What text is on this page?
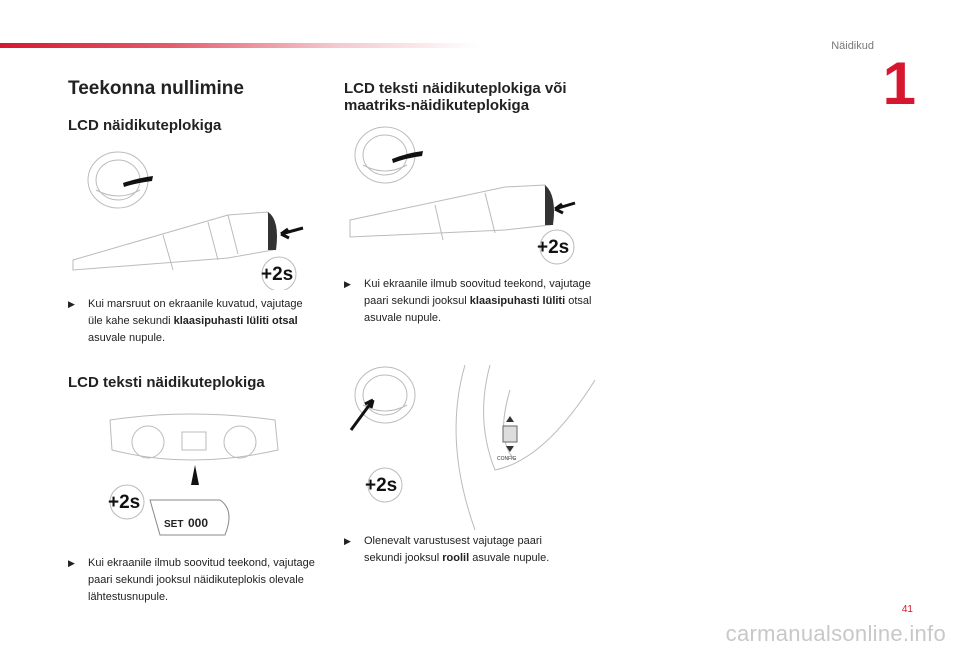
Näidikud
1
Teekonna nullimine
LCD näidikuteplokiga
+2s
▶	Kui marsruut on ekraanile kuvatud, vajutage üle kahe sekundi klaasipuhasti lüliti otsal asuvale nupule.
LCD teksti näidikuteplokiga
SET 000
+2s
▶	Kui ekraanile ilmub soovitud teekond, vajutage paari sekundi jooksul näidikuteplokis olevale lähtestusnupule.
LCD teksti näidikuteplokiga või
maatriks-näidikuteplokiga
+2s
▶	Kui ekraanile ilmub soovitud teekond, vajutage paari sekundi jooksul klaasipuhasti lüliti otsal asuvale nupule.
CONFIG
+2s
▶	Olenevalt varustusest vajutage paari sekundi jooksul roolil asuvale nupule.
41
carmanualsonline.info
